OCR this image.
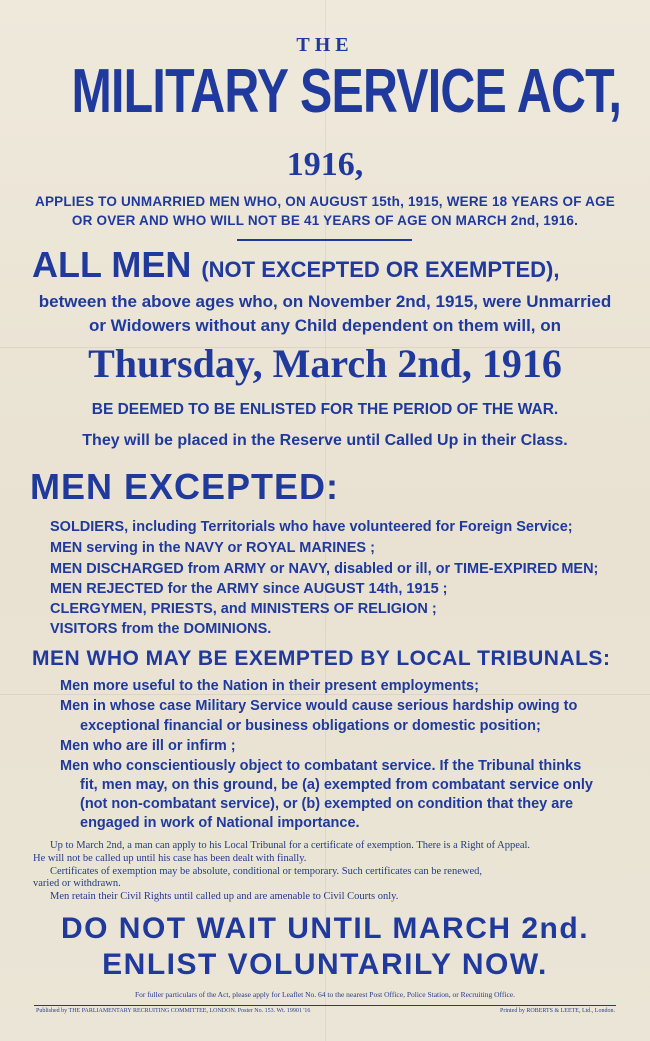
THE
MILITARY SERVICE ACT,
1916,
APPLIES TO UNMARRIED MEN WHO, ON AUGUST 15th, 1915, WERE 18 YEARS OF AGE
OR OVER AND WHO WILL NOT BE 41 YEARS OF AGE ON MARCH 2nd, 1916.
ALL MEN (NOT EXCEPTED OR EXEMPTED),
between the above ages who, on November 2nd, 1915, were Unmarried
or Widowers without any Child dependent on them will, on
Thursday, March 2nd, 1916
BE DEEMED TO BE ENLISTED FOR THE PERIOD OF THE WAR.
They will be placed in the Reserve until Called Up in their Class.
MEN EXCEPTED:
SOLDIERS, including Territorials who have volunteered for Foreign Service;
MEN serving in the NAVY or ROYAL MARINES ;
MEN DISCHARGED from ARMY or NAVY, disabled or ill, or TIME-EXPIRED MEN;
MEN REJECTED for the ARMY since AUGUST 14th, 1915 ;
CLERGYMEN, PRIESTS, and MINISTERS OF RELIGION ;
VISITORS from the DOMINIONS.
MEN WHO MAY BE EXEMPTED BY LOCAL TRIBUNALS:
Men more useful to the Nation in their present employments;
Men in whose case Military Service would cause serious hardship owing to
exceptional financial or business obligations or domestic position;
Men who are ill or infirm ;
Men who conscientiously object to combatant service. If the Tribunal thinks
fit, men may, on this ground, be (a) exempted from combatant service only
(not non-combatant service), or (b) exempted on condition that they are
engaged in work of National importance.
Up to March 2nd, a man can apply to his Local Tribunal for a certificate of exemption. There is a Right of Appeal.
He will not be called up until his case has been dealt with finally.
Certificates of exemption may be absolute, conditional or temporary. Such certificates can be renewed,
varied or withdrawn.
Men retain their Civil Rights until called up and are amenable to Civil Courts only.
DO NOT WAIT UNTIL MARCH 2nd.
ENLIST VOLUNTARILY NOW.
For fuller particulars of the Act, please apply for Leaflet No. 64 to the nearest Post Office, Police Station, or Recruiting Office.
Published by THE PARLIAMENTARY RECRUITING COMMITTEE, LONDON. Poster No. 153. Wt. 19901 '16	Printed by ROBERTS & LEETE, Ltd., London.
